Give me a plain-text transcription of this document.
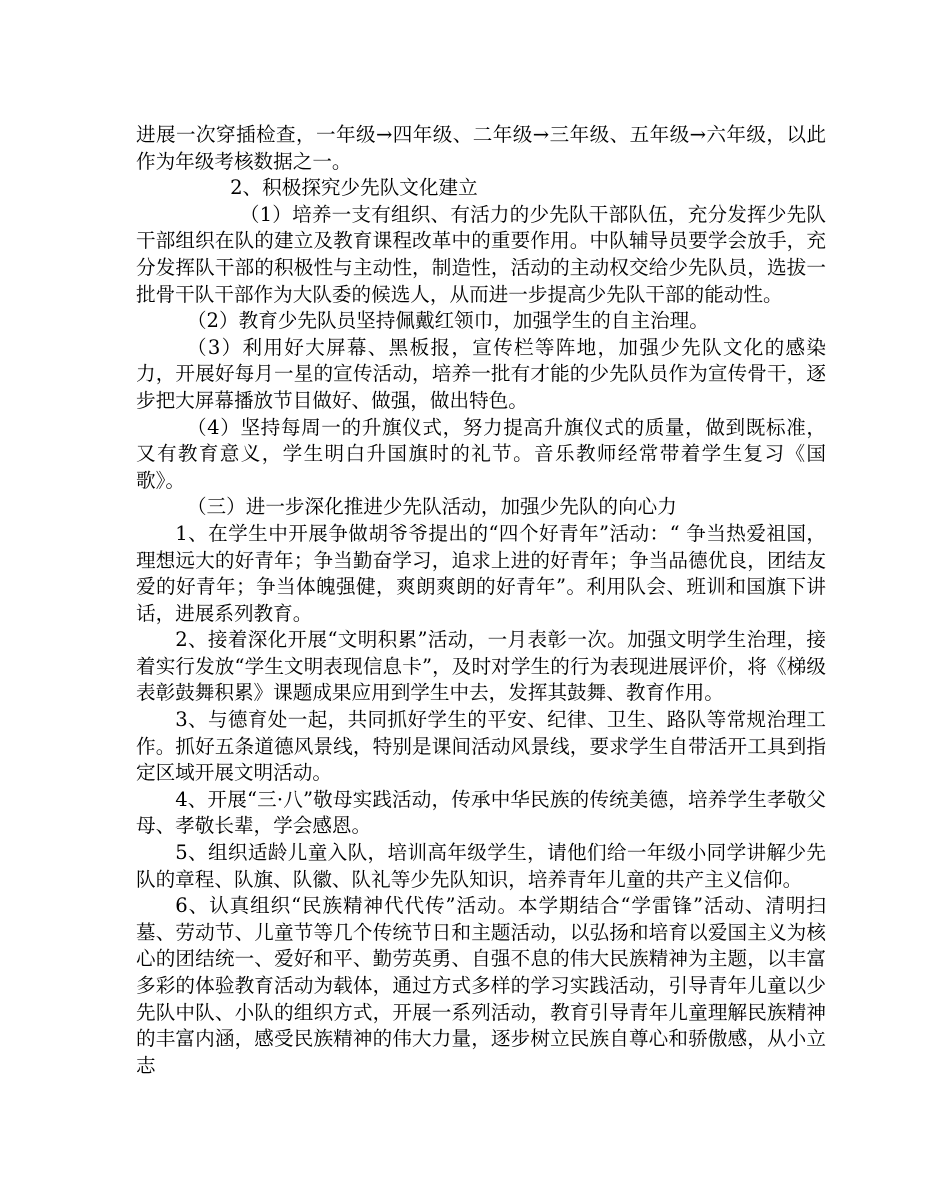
进展一次穿插检查，一年级→四年级、二年级→三年级、五年级→六年级，以此作为年级考核数据之一。

2、积极探究少先队文化建立

（1）培养一支有组织、有活力的少先队干部队伍，充分发挥少先队干部组织在队的建立及教育课程改革中的重要作用。中队辅导员要学会放手，充分发挥队干部的积极性与主动性，制造性，活动的主动权交给少先队员，选拔一批骨干队干部作为大队委的候选人，从而进一步提高少先队干部的能动性。

（2）教育少先队员坚持佩戴红领巾，加强学生的自主治理。

（3）利用好大屏幕、黑板报，宣传栏等阵地，加强少先队文化的感染力，开展好每月一星的宣传活动，培养一批有才能的少先队员作为宣传骨干，逐步把大屏幕播放节目做好、做强，做出特色。

（4）坚持每周一的升旗仪式，努力提高升旗仪式的质量，做到既标准，又有教育意义，学生明白升国旗时的礼节。音乐教师经常带着学生复习《国歌》。

（三）进一步深化推进少先队活动，加强少先队的向心力

1、在学生中开展争做胡爷爷提出的“四个好青年”活动：“ 争当热爱祖国，理想远大的好青年；争当勤奋学习，追求上进的好青年；争当品德优良，团结友爱的好青年；争当体魄强健，爽朗爽朗的好青年”。利用队会、班训和国旗下讲话，进展系列教育。

2、接着深化开展“文明积累”活动，一月表彰一次。加强文明学生治理，接着实行发放“学生文明表现信息卡”，及时对学生的行为表现进展评价，将《梯级表彰鼓舞积累》课题成果应用到学生中去，发挥其鼓舞、教育作用。

3、与德育处一起，共同抓好学生的平安、纪律、卫生、路队等常规治理工作。抓好五条道德风景线，特别是课间活动风景线，要求学生自带活开工具到指定区域开展文明活动。

4、开展“三·八”敬母实践活动，传承中华民族的传统美德，培养学生孝敬父母、孝敬长辈，学会感恩。

5、组织适龄儿童入队，培训高年级学生，请他们给一年级小同学讲解少先队的章程、队旗、队徽、队礼等少先队知识，培养青年儿童的共产主义信仰。

6、认真组织“民族精神代代传”活动。本学期结合“学雷锋”活动、清明扫墓、劳动节、儿童节等几个传统节日和主题活动，以弘扬和培育以爱国主义为核心的团结统一、爱好和平、勤劳英勇、自强不息的伟大民族精神为主题，以丰富多彩的体验教育活动为载体，通过方式多样的学习实践活动，引导青年儿童以少先队中队、小队的组织方式，开展一系列活动，教育引导青年儿童理解民族精神的丰富内涵，感受民族精神的伟大力量，逐步树立民族自尊心和骄傲感，从小立志
